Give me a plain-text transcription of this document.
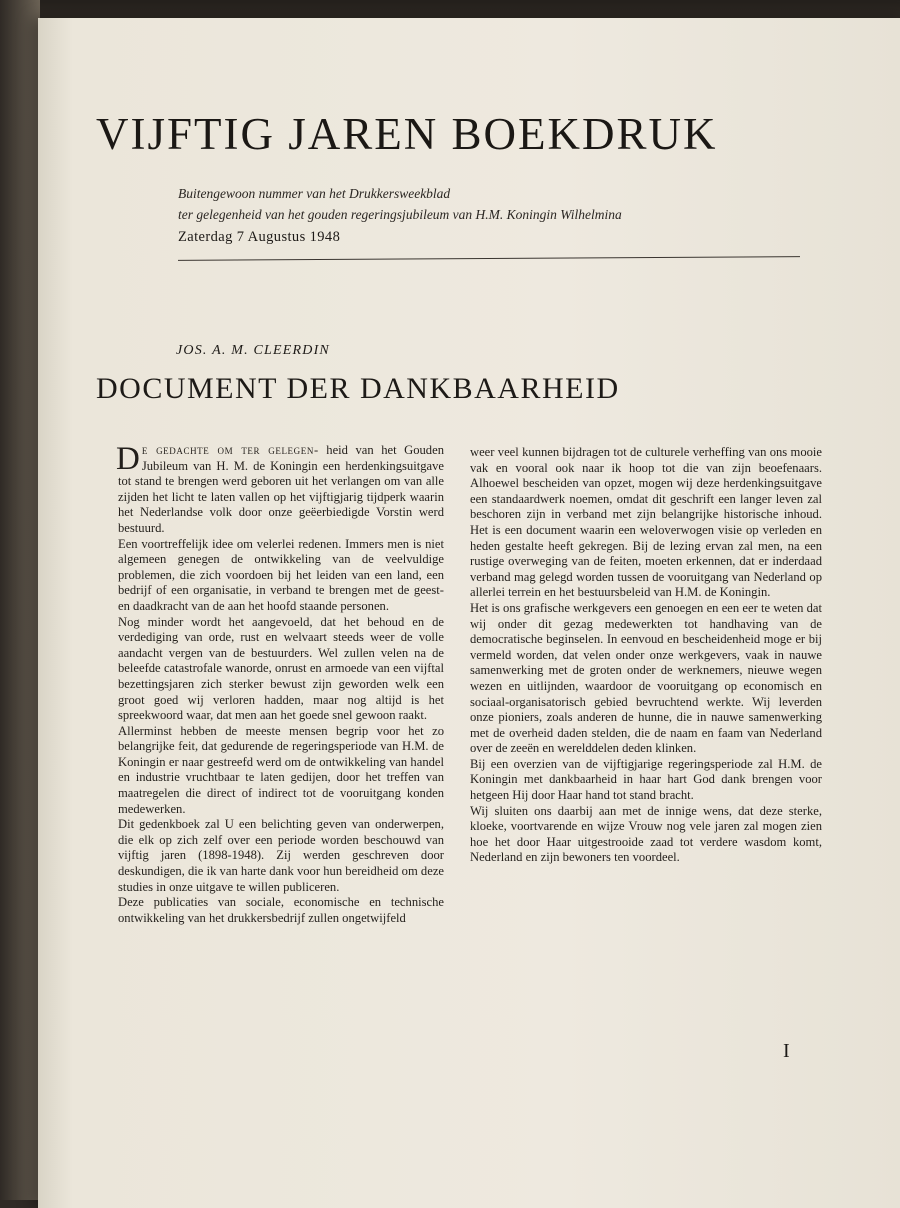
VIJFTIG JAREN BOEKDRUK
Buitengewoon nummer van het Drukkersweekblad
ter gelegenheid van het gouden regeringsjubileum van H.M. Koningin Wilhelmina
Zaterdag 7 Augustus 1948
JOS. A. M. CLEERDIN
DOCUMENT DER DANKBAARHEID

De gedachte om ter gelegen- heid van het Gouden Jubileum van H. M. de Koningin een herdenkingsuitgave tot stand te brengen werd geboren uit het verlangen om van alle zijden het licht te laten vallen op het vijftigjarig tijdperk waarin het Nederlandse volk door onze geëerbiedigde Vorstin werd bestuurd.

Een voortreffelijk idee om velerlei redenen. Immers men is niet algemeen genegen de ontwikkeling van de veelvuldige problemen, die zich voordoen bij het leiden van een land, een bedrijf of een organisatie, in verband te brengen met de geest- en daadkracht van de aan het hoofd staande personen.

Nog minder wordt het aangevoeld, dat het behoud en de verdediging van orde, rust en welvaart steeds weer de volle aandacht vergen van de bestuurders. Wel zullen velen na de beleefde catastrofale wanorde, onrust en armoede van een vijftal bezettingsjaren zich sterker bewust zijn geworden welk een groot goed wij verloren hadden, maar nog altijd is het spreekwoord waar, dat men aan het goede snel gewoon raakt.

Allerminst hebben de meeste mensen begrip voor het zo belangrijke feit, dat gedurende de regeringsperiode van H.M. de Koningin er naar gestreefd werd om de ontwikkeling van handel en industrie vruchtbaar te laten gedijen, door het treffen van maatregelen die direct of indirect tot de vooruitgang konden medewerken.

Dit gedenkboek zal U een belichting geven van onderwerpen, die elk op zich zelf over een periode worden beschouwd van vijftig jaren (1898-1948). Zij werden geschreven door deskundigen, die ik van harte dank voor hun bereidheid om deze studies in onze uitgave te willen publiceren.

Deze publicaties van sociale, economische en technische ontwikkeling van het drukkersbedrijf zullen ongetwijfeld

weer veel kunnen bijdragen tot de culturele verheffing van ons mooie vak en vooral ook naar ik hoop tot die van zijn beoefenaars. Alhoewel bescheiden van opzet, mogen wij deze herdenkingsuitgave een standaardwerk noemen, omdat dit geschrift een langer leven zal beschoren zijn in verband met zijn belangrijke historische inhoud. Het is een document waarin een weloverwogen visie op verleden en heden gestalte heeft gekregen. Bij de lezing ervan zal men, na een rustige overweging van de feiten, moeten erkennen, dat er inderdaad verband mag gelegd worden tussen de vooruitgang van Nederland op allerlei terrein en het bestuursbeleid van H.M. de Koningin.

Het is ons grafische werkgevers een genoegen en een eer te weten dat wij onder dit gezag medewerkten tot handhaving van de democratische beginselen. In eenvoud en bescheidenheid moge er bij vermeld worden, dat velen onder onze werkgevers, vaak in nauwe samenwerking met de groten onder de werknemers, nieuwe wegen wezen en uitlijnden, waardoor de vooruitgang op economisch en sociaal-organisatorisch gebied bevruchtend werkte. Wij leverden onze pioniers, zoals anderen de hunne, die in nauwe samenwerking met de overheid daden stelden, die de naam en faam van Nederland over de zeeën en werelddelen deden klinken.

Bij een overzien van de vijftigjarige regeringsperiode zal H.M. de Koningin met dankbaarheid in haar hart God dank brengen voor hetgeen Hij door Haar hand tot stand bracht.

Wij sluiten ons daarbij aan met de innige wens, dat deze sterke, kloeke, voortvarende en wijze Vrouw nog vele jaren zal mogen zien hoe het door Haar uitgestrooide zaad tot verdere wasdom komt, Nederland en zijn bewoners ten voordeel.

I
